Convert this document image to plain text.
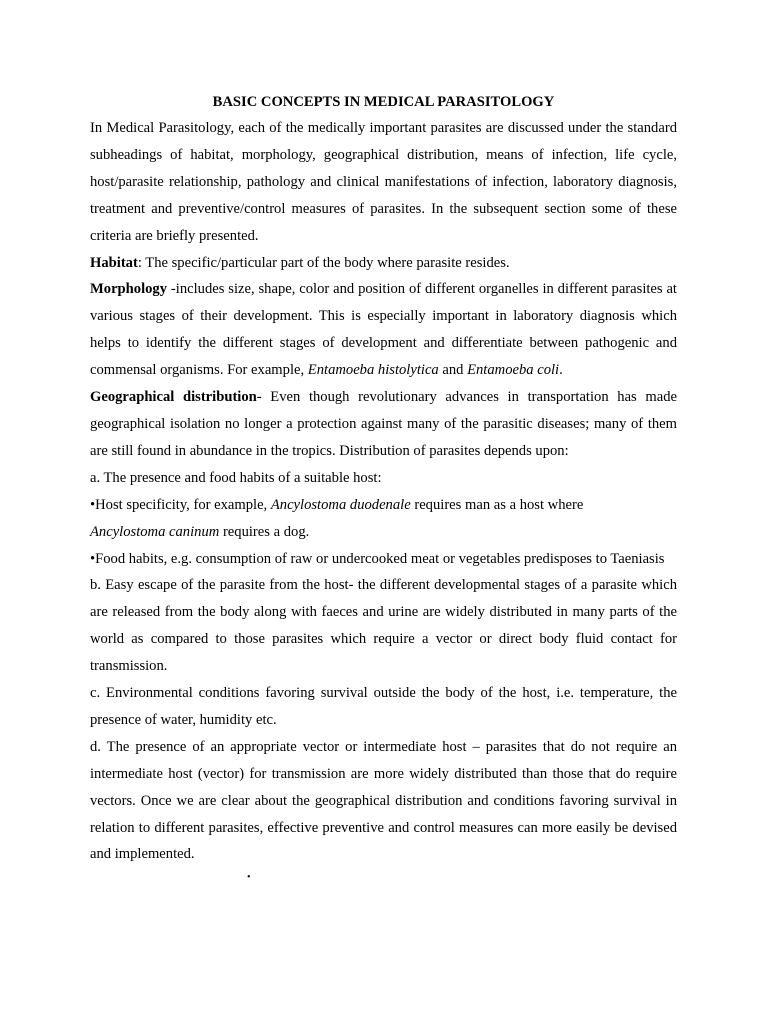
BASIC CONCEPTS IN MEDICAL PARASITOLOGY

In Medical Parasitology, each of the medically important parasites are discussed under the standard subheadings of habitat, morphology, geographical distribution, means of infection, life cycle, host/parasite relationship, pathology and clinical manifestations of infection, laboratory diagnosis, treatment and preventive/control measures of parasites. In the subsequent section some of these criteria are briefly presented.

Habitat: The specific/particular part of the body where parasite resides.

Morphology -includes size, shape, color and position of different organelles in different parasites at various stages of their development. This is especially important in laboratory diagnosis which helps to identify the different stages of development and differentiate between pathogenic and commensal organisms. For example, Entamoeba histolytica and Entamoeba coli.

Geographical distribution- Even though revolutionary advances in transportation has made geographical isolation no longer a protection against many of the parasitic diseases; many of them are still found in abundance in the tropics. Distribution of parasites depends upon:

a. The presence and food habits of a suitable host:

•Host specificity, for example, Ancylostoma duodenale requires man as a host where
Ancylostoma caninum requires a dog.

•Food habits, e.g. consumption of raw or undercooked meat or vegetables predisposes to Taeniasis

b. Easy escape of the parasite from the host- the different developmental stages of a parasite which are released from the body along with faeces and urine are widely distributed in many parts of the world as compared to those parasites which require a vector or direct body fluid contact for transmission.

c. Environmental conditions favoring survival outside the body of the host, i.e. temperature, the presence of water, humidity etc.

d. The presence of an appropriate vector or intermediate host – parasites that do not require an intermediate host (vector) for transmission are more widely distributed than those that do require vectors. Once we are clear about the geographical distribution and conditions favoring survival in relation to different parasites, effective preventive and control measures can more easily be devised and implemented.

•
